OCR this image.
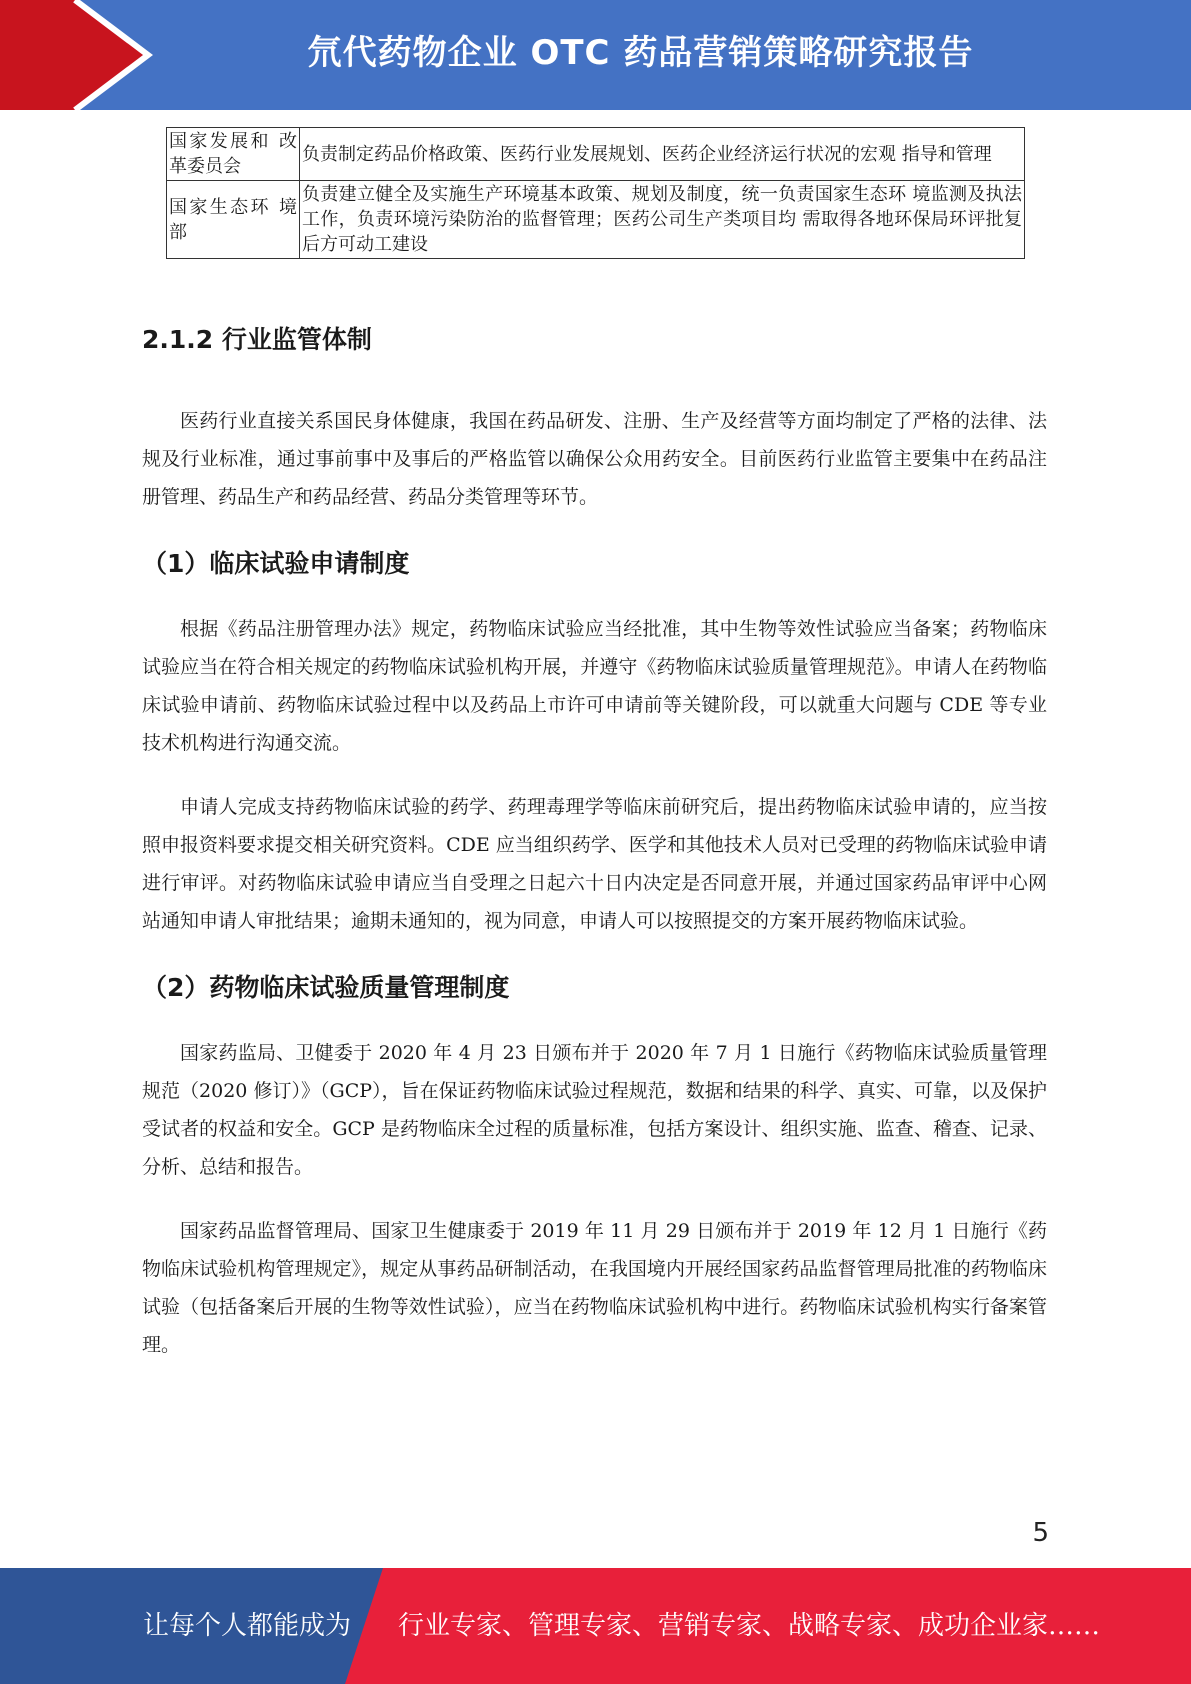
氘代药物企业 OTC 药品营销策略研究报告
国家发展和 改革委员会	负责制定药品价格政策、医药行业发展规划、医药企业经济运行状况的宏观 指导和管理
国家生态环 境部	负责建立健全及实施生产环境基本政策、规划及制度，统一负责国家生态环 境监测及执法工作，负责环境污染防治的监督管理；医药公司生产类项目均 需取得各地环保局环评批复后方可动工建设
2.1.2 行业监管体制

医药行业直接关系国民身体健康，我国在药品研发、注册、生产及经营等方面均制定了严格的法律、法规及行业标准，通过事前事中及事后的严格监管以确保公众用药安全。目前医药行业监管主要集中在药品注册管理、药品生产和药品经营、药品分类管理等环节。

（1）临床试验申请制度

根据《药品注册管理办法》规定，药物临床试验应当经批准，其中生物等效性试验应当备案；药物临床试验应当在符合相关规定的药物临床试验机构开展，并遵守《药物临床试验质量管理规范》。申请人在药物临床试验申请前、药物临床试验过程中以及药品上市许可申请前等关键阶段，可以就重大问题与 CDE 等专业技术机构进行沟通交流。

申请人完成支持药物临床试验的药学、药理毒理学等临床前研究后，提出药物临床试验申请的，应当按照申报资料要求提交相关研究资料。CDE 应当组织药学、医学和其他技术人员对已受理的药物临床试验申请进行审评。对药物临床试验申请应当自受理之日起六十日内决定是否同意开展，并通过国家药品审评中心网站通知申请人审批结果；逾期未通知的，视为同意，申请人可以按照提交的方案开展药物临床试验。

（2）药物临床试验质量管理制度

国家药监局、卫健委于 2020 年 4 月 23 日颁布并于 2020 年 7 月 1 日施行《药物临床试验质量管理规范（2020 修订）》（GCP），旨在保证药物临床试验过程规范，数据和结果的科学、真实、可靠，以及保护受试者的权益和安全。GCP 是药物临床全过程的质量标准，包括方案设计、组织实施、监查、稽查、记录、分析、总结和报告。

国家药品监督管理局、国家卫生健康委于 2019 年 11 月 29 日颁布并于 2019 年 12 月 1 日施行《药物临床试验机构管理规定》，规定从事药品研制活动，在我国境内开展经国家药品监督管理局批准的药物临床试验（包括备案后开展的生物等效性试验），应当在药物临床试验机构中进行。药物临床试验机构实行备案管理。

5
让每个人都能成为 行业专家、管理专家、营销专家、战略专家、成功企业家……
